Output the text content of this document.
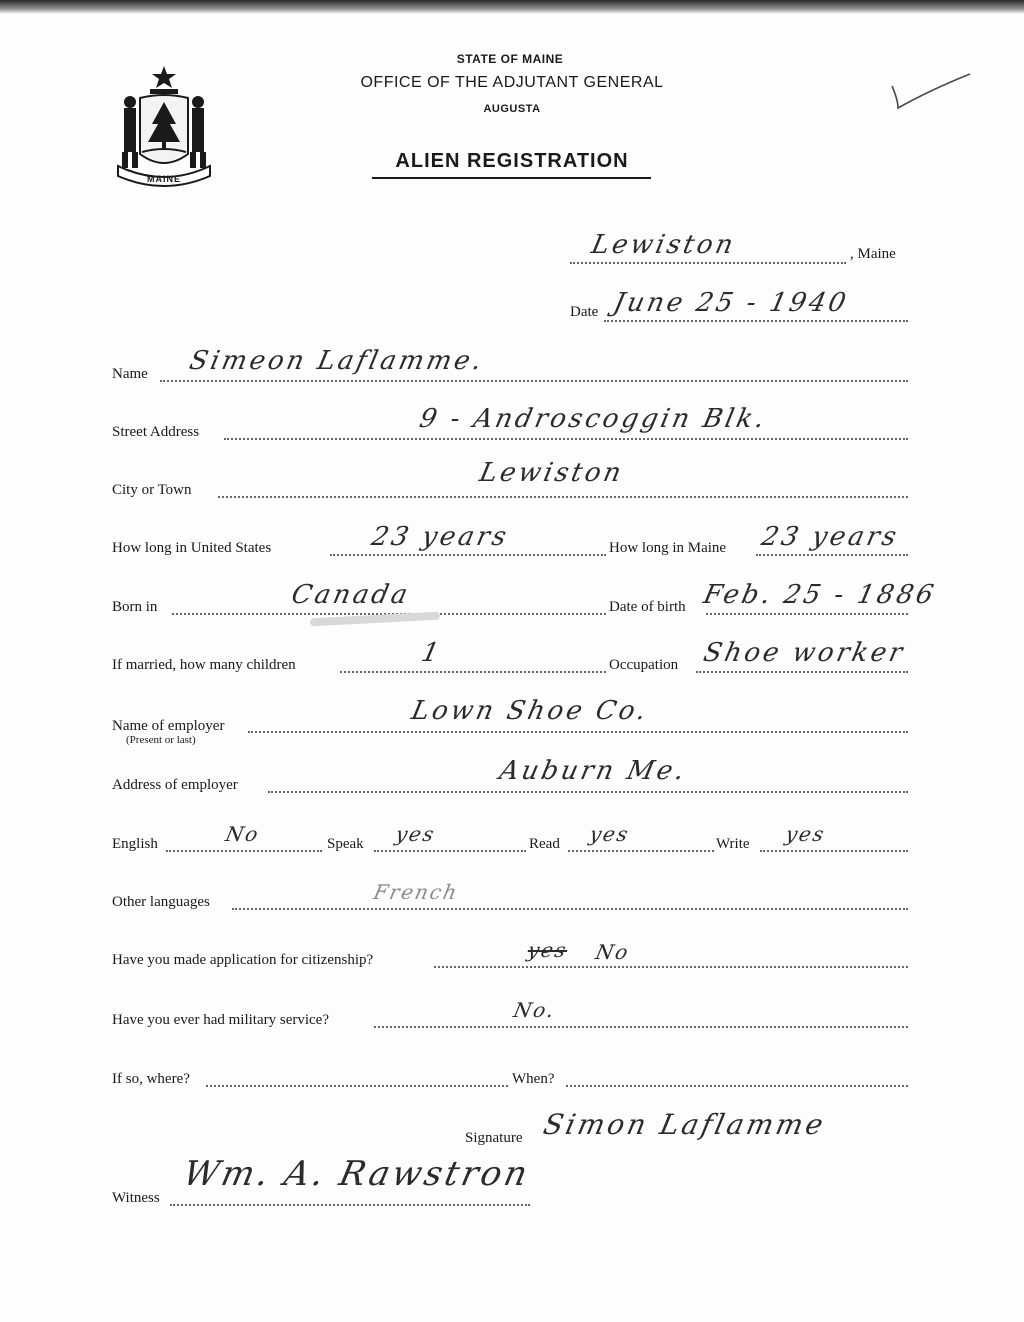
MAINE
STATE OF MAINE
OFFICE OF THE ADJUTANT GENERAL
AUGUSTA
ALIEN REGISTRATION
Lewiston	, Maine
Date June 25 - 1940
Name Simeon Laflamme.
Street Address	9 - Androscoggin Blk.
City or Town
Lewiston
How long in United States	23 years	How long in Maine 23 years
Born in	Canada	Date of birth Feb. 25 - 1886
If married, how many children	1	Occupation Shoe worker
Name of employer
(Present or last)
Lown Shoe Co.
Address of employer	Auburn Me.
English	No	Speak yes	Read yes	Write yes
Other languages	French
Have you made application for citizenship?	yes No
Have you ever had military service?	No.
If so, where?	When?
Signature Simon Laflamme
Witness
Wm. A. Rawstron
